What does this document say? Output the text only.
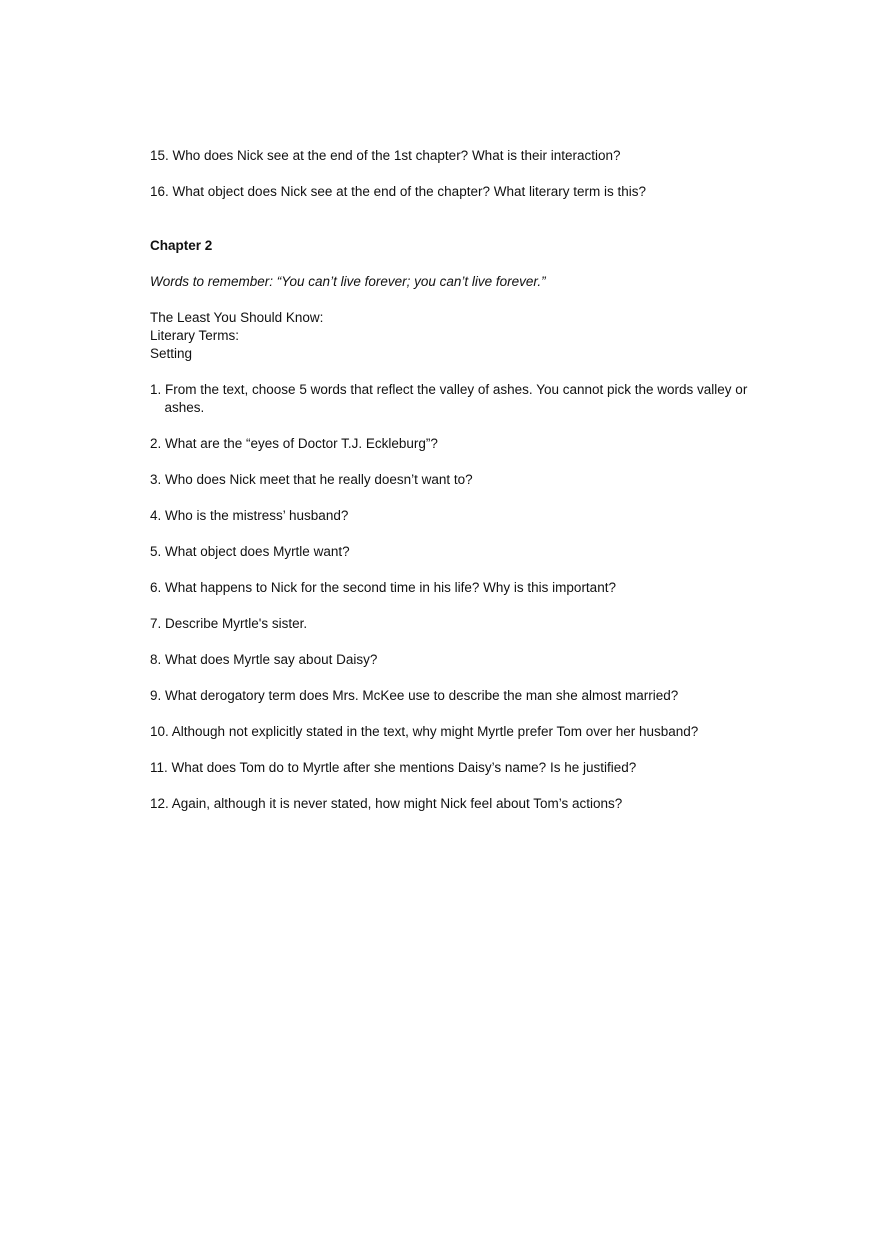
15. Who does Nick see at the end of the 1st chapter? What is their interaction?

16. What object does Nick see at the end of the chapter? What literary term is this?

Chapter 2

Words to remember: “You can’t live forever; you can’t live forever.”

The Least You Should Know:
Literary Terms:
Setting

1. From the text, choose 5 words that reflect the valley of ashes. You cannot pick the words valley or ashes.

2. What are the “eyes of Doctor T.J. Eckleburg”?

3. Who does Nick meet that he really doesn’t want to?

4. Who is the mistress’ husband?

5. What object does Myrtle want?

6. What happens to Nick for the second time in his life? Why is this important?

7. Describe Myrtle's sister.

8. What does Myrtle say about Daisy?

9. What derogatory term does Mrs. McKee use to describe the man she almost married?

10. Although not explicitly stated in the text, why might Myrtle prefer Tom over her husband?

11. What does Tom do to Myrtle after she mentions Daisy’s name? Is he justified?

12. Again, although it is never stated, how might Nick feel about Tom’s actions?
